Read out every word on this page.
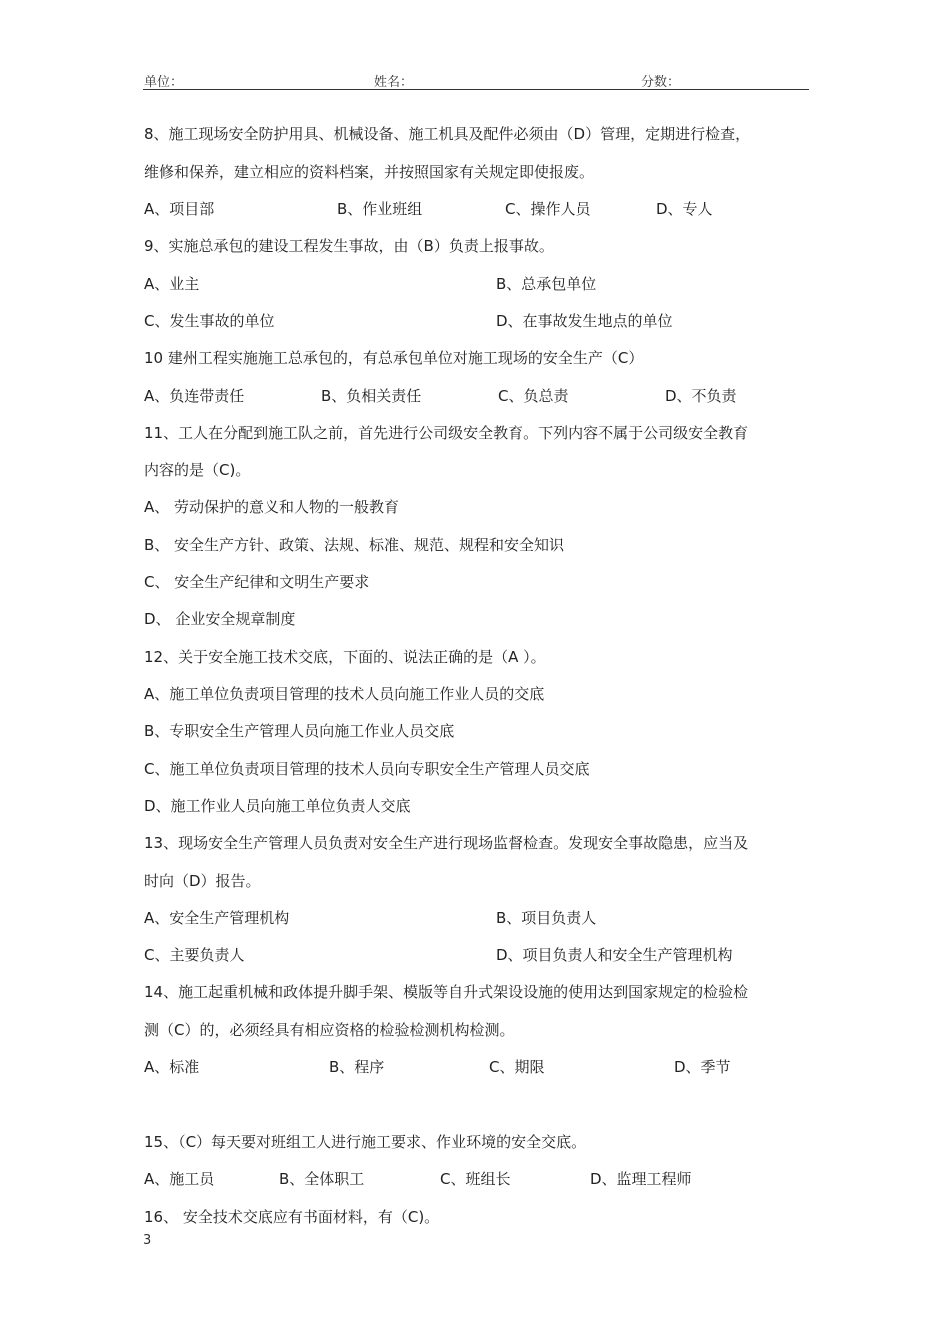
单位：	姓名：	分数：
8、施工现场安全防护用具、机械设备、施工机具及配件必须由（D）管理，定期进行检查，
维修和保养，建立相应的资料档案，并按照国家有关规定即使报废。
A、项目部	B、作业班组	C、操作人员	D、专人
9、实施总承包的建设工程发生事故，由（B）负责上报事故。
A、业主	B、总承包单位
C、发生事故的单位	D、在事故发生地点的单位
10 建州工程实施施工总承包的，有总承包单位对施工现场的安全生产（C）
A、负连带责任	B、负相关责任	C、负总责	D、不负责
11、工人在分配到施工队之前，首先进行公司级安全教育。下列内容不属于公司级安全教育
内容的是（C)。
A、 劳动保护的意义和人物的一般教育
B、 安全生产方针、政策、法规、标准、规范、规程和安全知识
C、 安全生产纪律和文明生产要求
D、 企业安全规章制度
12、关于安全施工技术交底，下面的、说法正确的是（A ）。
A、施工单位负责项目管理的技术人员向施工作业人员的交底
B、专职安全生产管理人员向施工作业人员交底
C、施工单位负责项目管理的技术人员向专职安全生产管理人员交底
D、施工作业人员向施工单位负责人交底
13、现场安全生产管理人员负责对安全生产进行现场监督检查。发现安全事故隐患，应当及
时向（D）报告。
A、安全生产管理机构	B、项目负责人
C、主要负责人	D、项目负责人和安全生产管理机构
14、施工起重机械和政体提升脚手架、模版等自升式架设设施的使用达到国家规定的检验检
测（C）的，必须经具有相应资格的检验检测机构检测。
A、标准	B、程序	C、期限	D、季节
15、（C）每天要对班组工人进行施工要求、作业环境的安全交底。
A、施工员	B、全体职工	C、班组长	D、监理工程师
16、 安全技术交底应有书面材料，有（C)。
3
